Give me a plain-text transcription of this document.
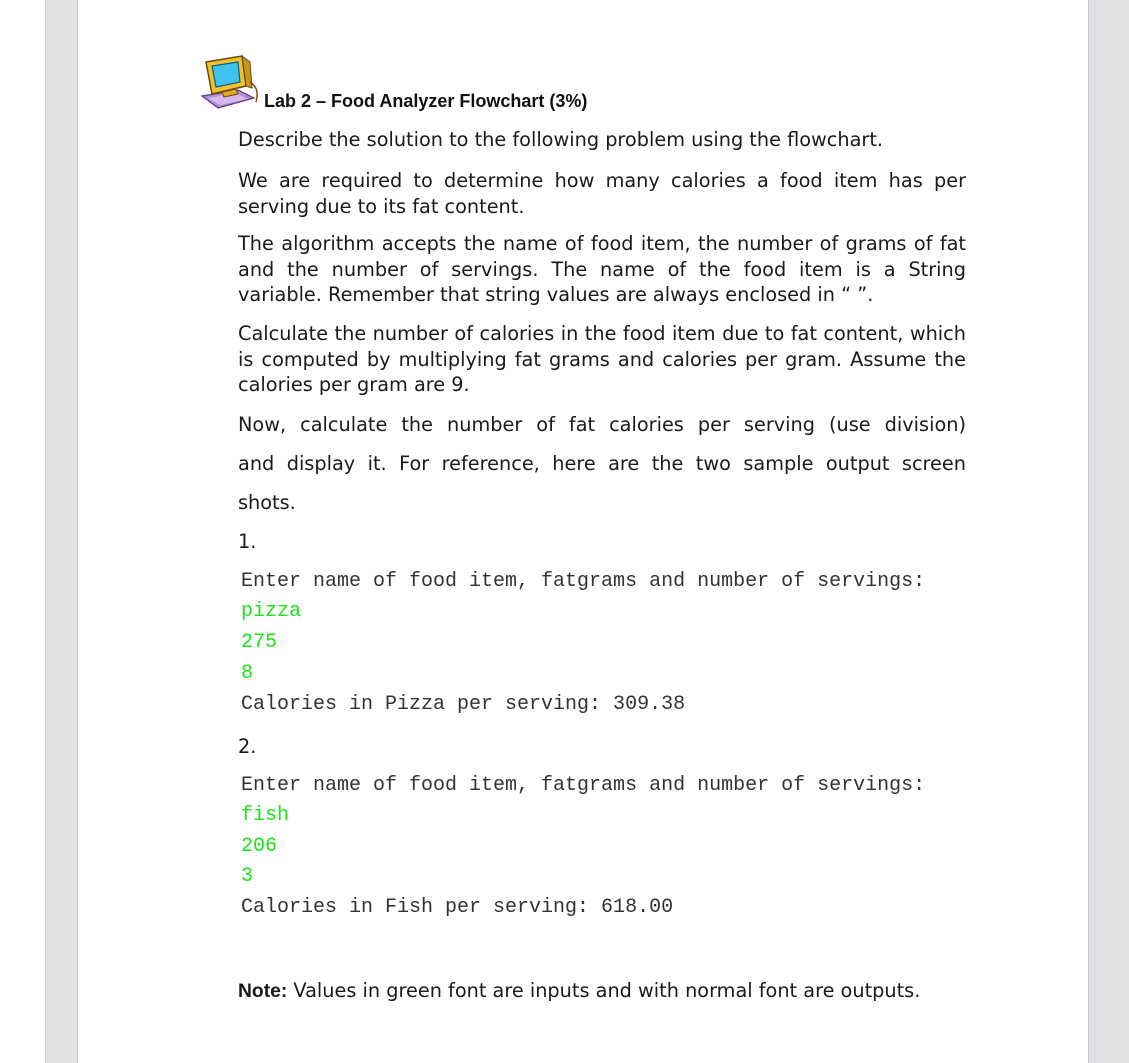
Lab 2 – Food Analyzer Flowchart (3%)
Describe the solution to the following problem using the flowchart.
We are required to determine how many calories a food item has per serving due to its fat content.
The algorithm accepts the name of food item, the number of grams of fat and the number of servings. The name of the food item is a String variable. Remember that string values are always enclosed in “ ”.
Calculate the number of calories in the food item due to fat content, which is computed by multiplying fat grams and calories per gram. Assume the calories per gram are 9.
Now, calculate the number of fat calories per serving (use division)
and display it. For reference, here are the two sample output screen
shots.
1.
Enter name of food item, fatgrams and number of servings:
pizza
275
8
Calories in Pizza per serving: 309.38
2.
Enter name of food item, fatgrams and number of servings:
fish
206
3
Calories in Fish per serving: 618.00
Note: Values in green font are inputs and with normal font are outputs.
